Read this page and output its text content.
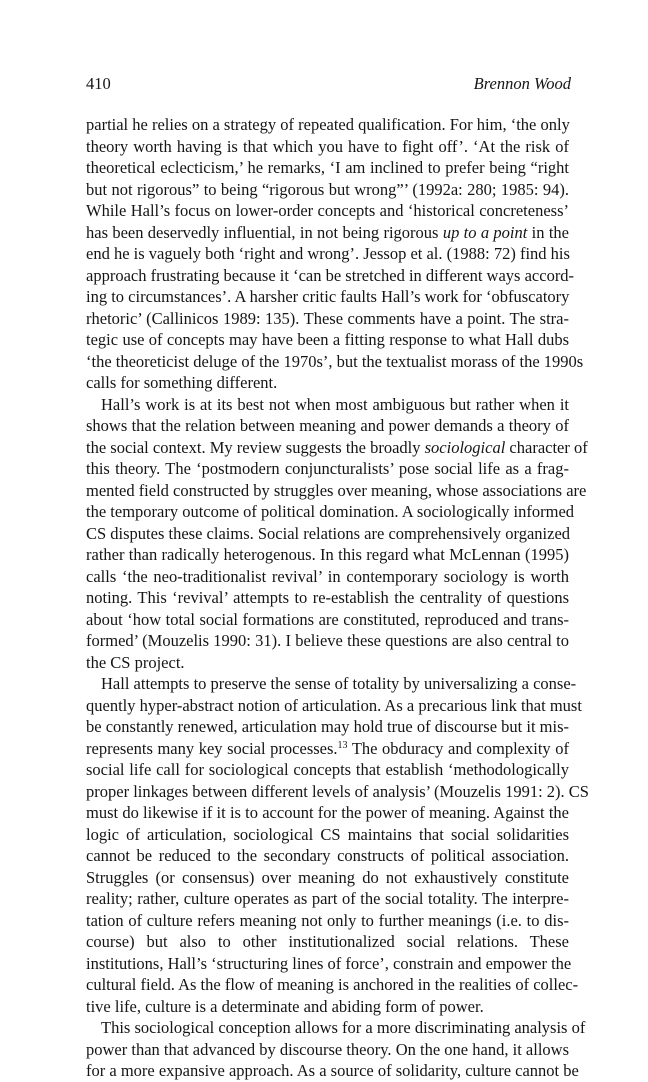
410	Brennon Wood
partial he relies on a strategy of repeated qualification. For him, ‘the only
theory worth having is that which you have to fight off’. ‘At the risk of
theoretical eclecticism,’ he remarks, ‘I am inclined to prefer being “right
but not rigorous” to being “rigorous but wrong”’ (1992a: 280; 1985: 94).
While Hall’s focus on lower-order concepts and ‘historical concreteness’
has been deservedly influential, in not being rigorous up to a point in the
end he is vaguely both ‘right and wrong’. Jessop et al. (1988: 72) find his
approach frustrating because it ‘can be stretched in different ways accord-
ing to circumstances’. A harsher critic faults Hall’s work for ‘obfuscatory
rhetoric’ (Callinicos 1989: 135). These comments have a point. The stra-
tegic use of concepts may have been a fitting response to what Hall dubs
‘the theoreticist deluge of the 1970s’, but the textualist morass of the 1990s
calls for something different.
Hall’s work is at its best not when most ambiguous but rather when it
shows that the relation between meaning and power demands a theory of
the social context. My review suggests the broadly sociological character of
this theory. The ‘postmodern conjuncturalists’ pose social life as a frag-
mented field constructed by struggles over meaning, whose associations are
the temporary outcome of political domination. A sociologically informed
CS disputes these claims. Social relations are comprehensively organized
rather than radically heterogenous. In this regard what McLennan (1995)
calls ‘the neo-traditionalist revival’ in contemporary sociology is worth
noting. This ‘revival’ attempts to re-establish the centrality of questions
about ‘how total social formations are constituted, reproduced and trans-
formed’ (Mouzelis 1990: 31). I believe these questions are also central to
the CS project.
Hall attempts to preserve the sense of totality by universalizing a conse-
quently hyper-abstract notion of articulation. As a precarious link that must
be constantly renewed, articulation may hold true of discourse but it mis-
represents many key social processes.$^{13}$ The obduracy and complexity of
social life call for sociological concepts that establish ‘methodologically
proper linkages between different levels of analysis’ (Mouzelis 1991: 2). CS
must do likewise if it is to account for the power of meaning. Against the
logic of articulation, sociological CS maintains that social solidarities
cannot be reduced to the secondary constructs of political association.
Struggles (or consensus) over meaning do not exhaustively constitute
reality; rather, culture operates as part of the social totality. The interpre-
tation of culture refers meaning not only to further meanings (i.e. to dis-
course) but also to other institutionalized social relations. These
institutions, Hall’s ‘structuring lines of force’, constrain and empower the
cultural field. As the flow of meaning is anchored in the realities of collec-
tive life, culture is a determinate and abiding form of power.
This sociological conception allows for a more discriminating analysis of
power than that advanced by discourse theory. On the one hand, it allows
for a more expansive approach. As a source of solidarity, culture cannot be
